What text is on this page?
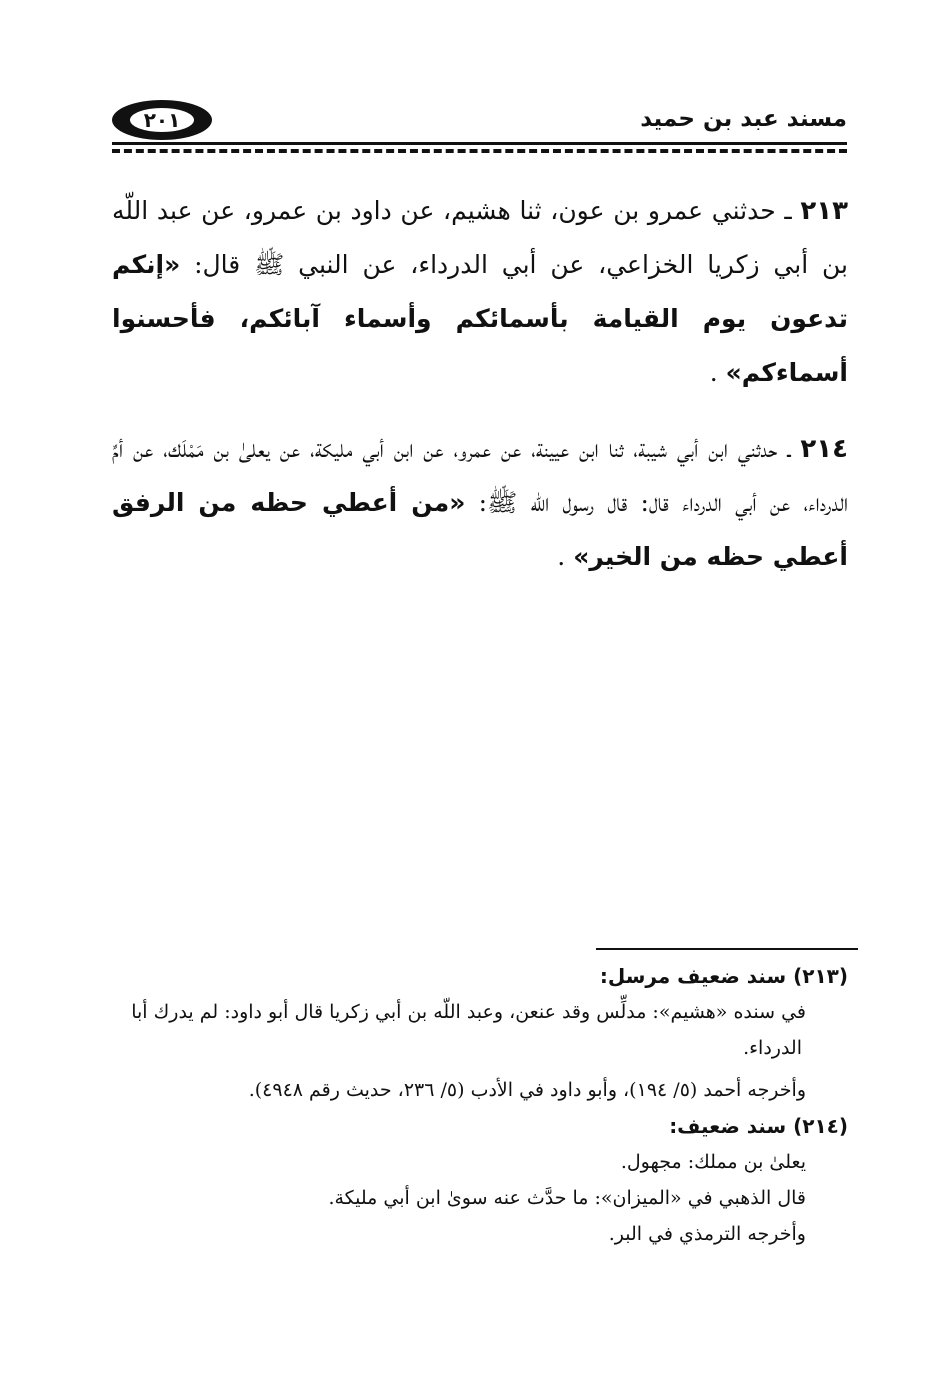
٢٠١	مسند عبد بن حميد

٢١٣ ـ حدثني عمرو بن عون، ثنا هشيم، عن داود بن عمرو، عن عبد اللّه بن أبي زكريا الخزاعي، عن أبي الدرداء، عن النبي ﷺ قال: «إنكم تدعون يوم القيامة بأسمائكم وأسماء آبائكم، فأحسنوا أسماءكم» .

٢١٤ ـ حدثني ابن أبي شيبة، ثنا ابن عيينة، عن عمرو، عن ابن أبي مليكة، عن يعلىٰ بن مَمْلَك، عن أمِّ الدرداء، عن أبي الدرداء قال: قال رسول اللّه ﷺ: «من أعطي حظه من الرفق أعطي حظه من الخير» .

(٢١٣) سند ضعيف مرسل:

في سنده «هشيم»: مدلِّس وقد عنعن، وعبد اللّه بن أبي زكريا قال أبو داود: لم يدرك أبا

الدرداء.

وأخرجه أحمد (٥/ ١٩٤)، وأبو داود في الأدب (٥/ ٢٣٦، حديث رقم ٤٩٤٨).

(٢١٤) سند ضعيف:

يعلىٰ بن مملك: مجهول.

قال الذهبي في «الميزان»: ما حدَّث عنه سوىٰ ابن أبي مليكة.

وأخرجه الترمذي في البر.
